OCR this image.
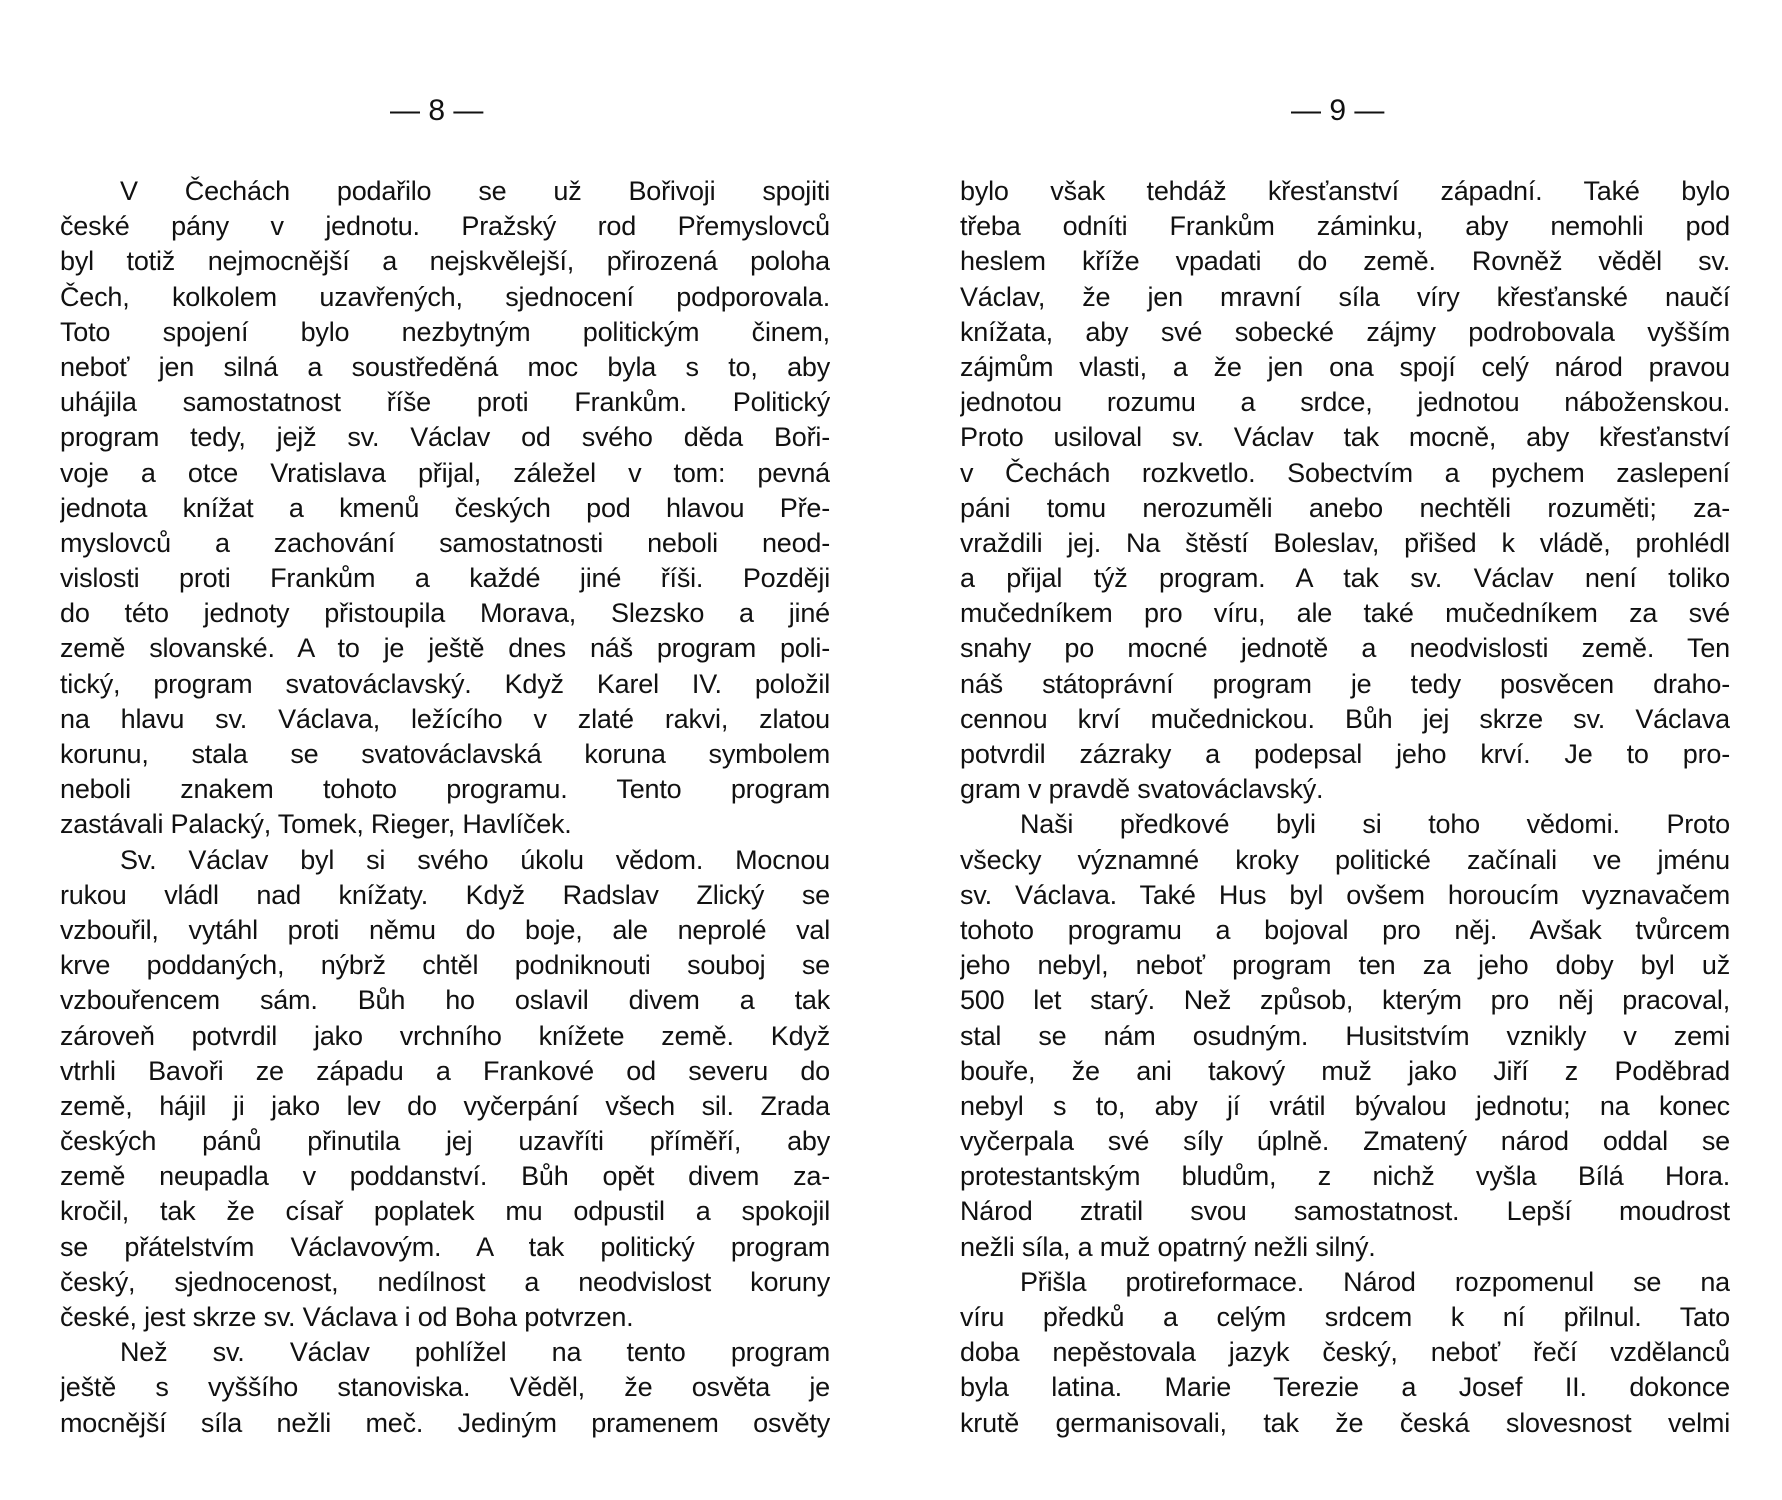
— 8 —
V Čechách podařilo se už Bořivoji spojiti
české pány v jednotu. Pražský rod Přemyslovců
byl totiž nejmocnější a nejskvělejší, přirozená poloha
Čech, kolkolem uzavřených, sjednocení podporovala.
Toto spojení bylo nezbytným politickým činem,
neboť jen silná a soustředěná moc byla s to, aby
uhájila samostatnost říše proti Frankům. Politický
program tedy, jejž sv. Václav od svého děda Boři-
voje a otce Vratislava přijal, záležel v tom: pevná
jednota knížat a kmenů českých pod hlavou Pře-
myslovců a zachování samostatnosti neboli neod-
vislosti proti Frankům a každé jiné říši. Později
do této jednoty přistoupila Morava, Slezsko a jiné
země slovanské. A to je ještě dnes náš program poli-
tický, program svatováclavský. Když Karel IV. položil
na hlavu sv. Václava, ležícího v zlaté rakvi, zlatou
korunu, stala se svatováclavská koruna symbolem
neboli znakem tohoto programu. Tento program
zastávali Palacký, Tomek, Rieger, Havlíček.
Sv. Václav byl si svého úkolu vědom. Mocnou
rukou vládl nad knížaty. Když Radslav Zlický se
vzbouřil, vytáhl proti němu do boje, ale neprolé val
krve poddaných, nýbrž chtěl podniknouti souboj se
vzbouřencem sám. Bůh ho oslavil divem a tak
zároveň potvrdil jako vrchního knížete země. Když
vtrhli Bavoři ze západu a Frankové od severu do
země, hájil ji jako lev do vyčerpání všech sil. Zrada
českých pánů přinutila jej uzavříti příměří, aby
země neupadla v poddanství. Bůh opět divem za-
kročil, tak že císař poplatek mu odpustil a spokojil
se přátelstvím Václavovým. A tak politický program
český, sjednocenost, nedílnost a neodvislost koruny
české, jest skrze sv. Václava i od Boha potvrzen.
Než sv. Václav pohlížel na tento program
ještě s vyššího stanoviska. Věděl, že osvěta je
mocnější síla nežli meč. Jediným pramenem osvěty
— 9 —
bylo však tehdáž křesťanství západní. Také bylo
třeba odníti Frankům záminku, aby nemohli pod
heslem kříže vpadati do země. Rovněž věděl sv.
Václav, že jen mravní síla víry křesťanské naučí
knížata, aby své sobecké zájmy podrobovala vyšším
zájmům vlasti, a že jen ona spojí celý národ pravou
jednotou rozumu a srdce, jednotou náboženskou.
Proto usiloval sv. Václav tak mocně, aby křesťanství
v Čechách rozkvetlo. Sobectvím a pychem zaslepení
páni tomu nerozuměli anebo nechtěli rozuměti; za-
vraždili jej. Na štěstí Boleslav, přišed k vládě, prohlédl
a přijal týž program. A tak sv. Václav není toliko
mučedníkem pro víru, ale také mučedníkem za své
snahy po mocné jednotě a neodvislosti země. Ten
náš státoprávní program je tedy posvěcen draho-
cennou krví mučednickou. Bůh jej skrze sv. Václava
potvrdil zázraky a podepsal jeho krví. Je to pro-
gram v pravdě svatováclavský.
Naši předkové byli si toho vědomi. Proto
všecky významné kroky politické začínali ve jménu
sv. Václava. Také Hus byl ovšem horoucím vyznavačem
tohoto programu a bojoval pro něj. Avšak tvůrcem
jeho nebyl, neboť program ten za jeho doby byl už
500 let starý. Než způsob, kterým pro něj pracoval,
stal se nám osudným. Husitstvím vznikly v zemi
bouře, že ani takový muž jako Jiří z Poděbrad
nebyl s to, aby jí vrátil bývalou jednotu; na konec
vyčerpala své síly úplně. Zmatený národ oddal se
protestantským bludům, z nichž vyšla Bílá Hora.
Národ ztratil svou samostatnost. Lepší moudrost
nežli síla, a muž opatrný nežli silný.
Přišla protireformace. Národ rozpomenul se na
víru předků a celým srdcem k ní přilnul. Tato
doba nepěstovala jazyk český, neboť řečí vzdělanců
byla latina. Marie Terezie a Josef II. dokonce
krutě germanisovali, tak že česká slovesnost velmi
